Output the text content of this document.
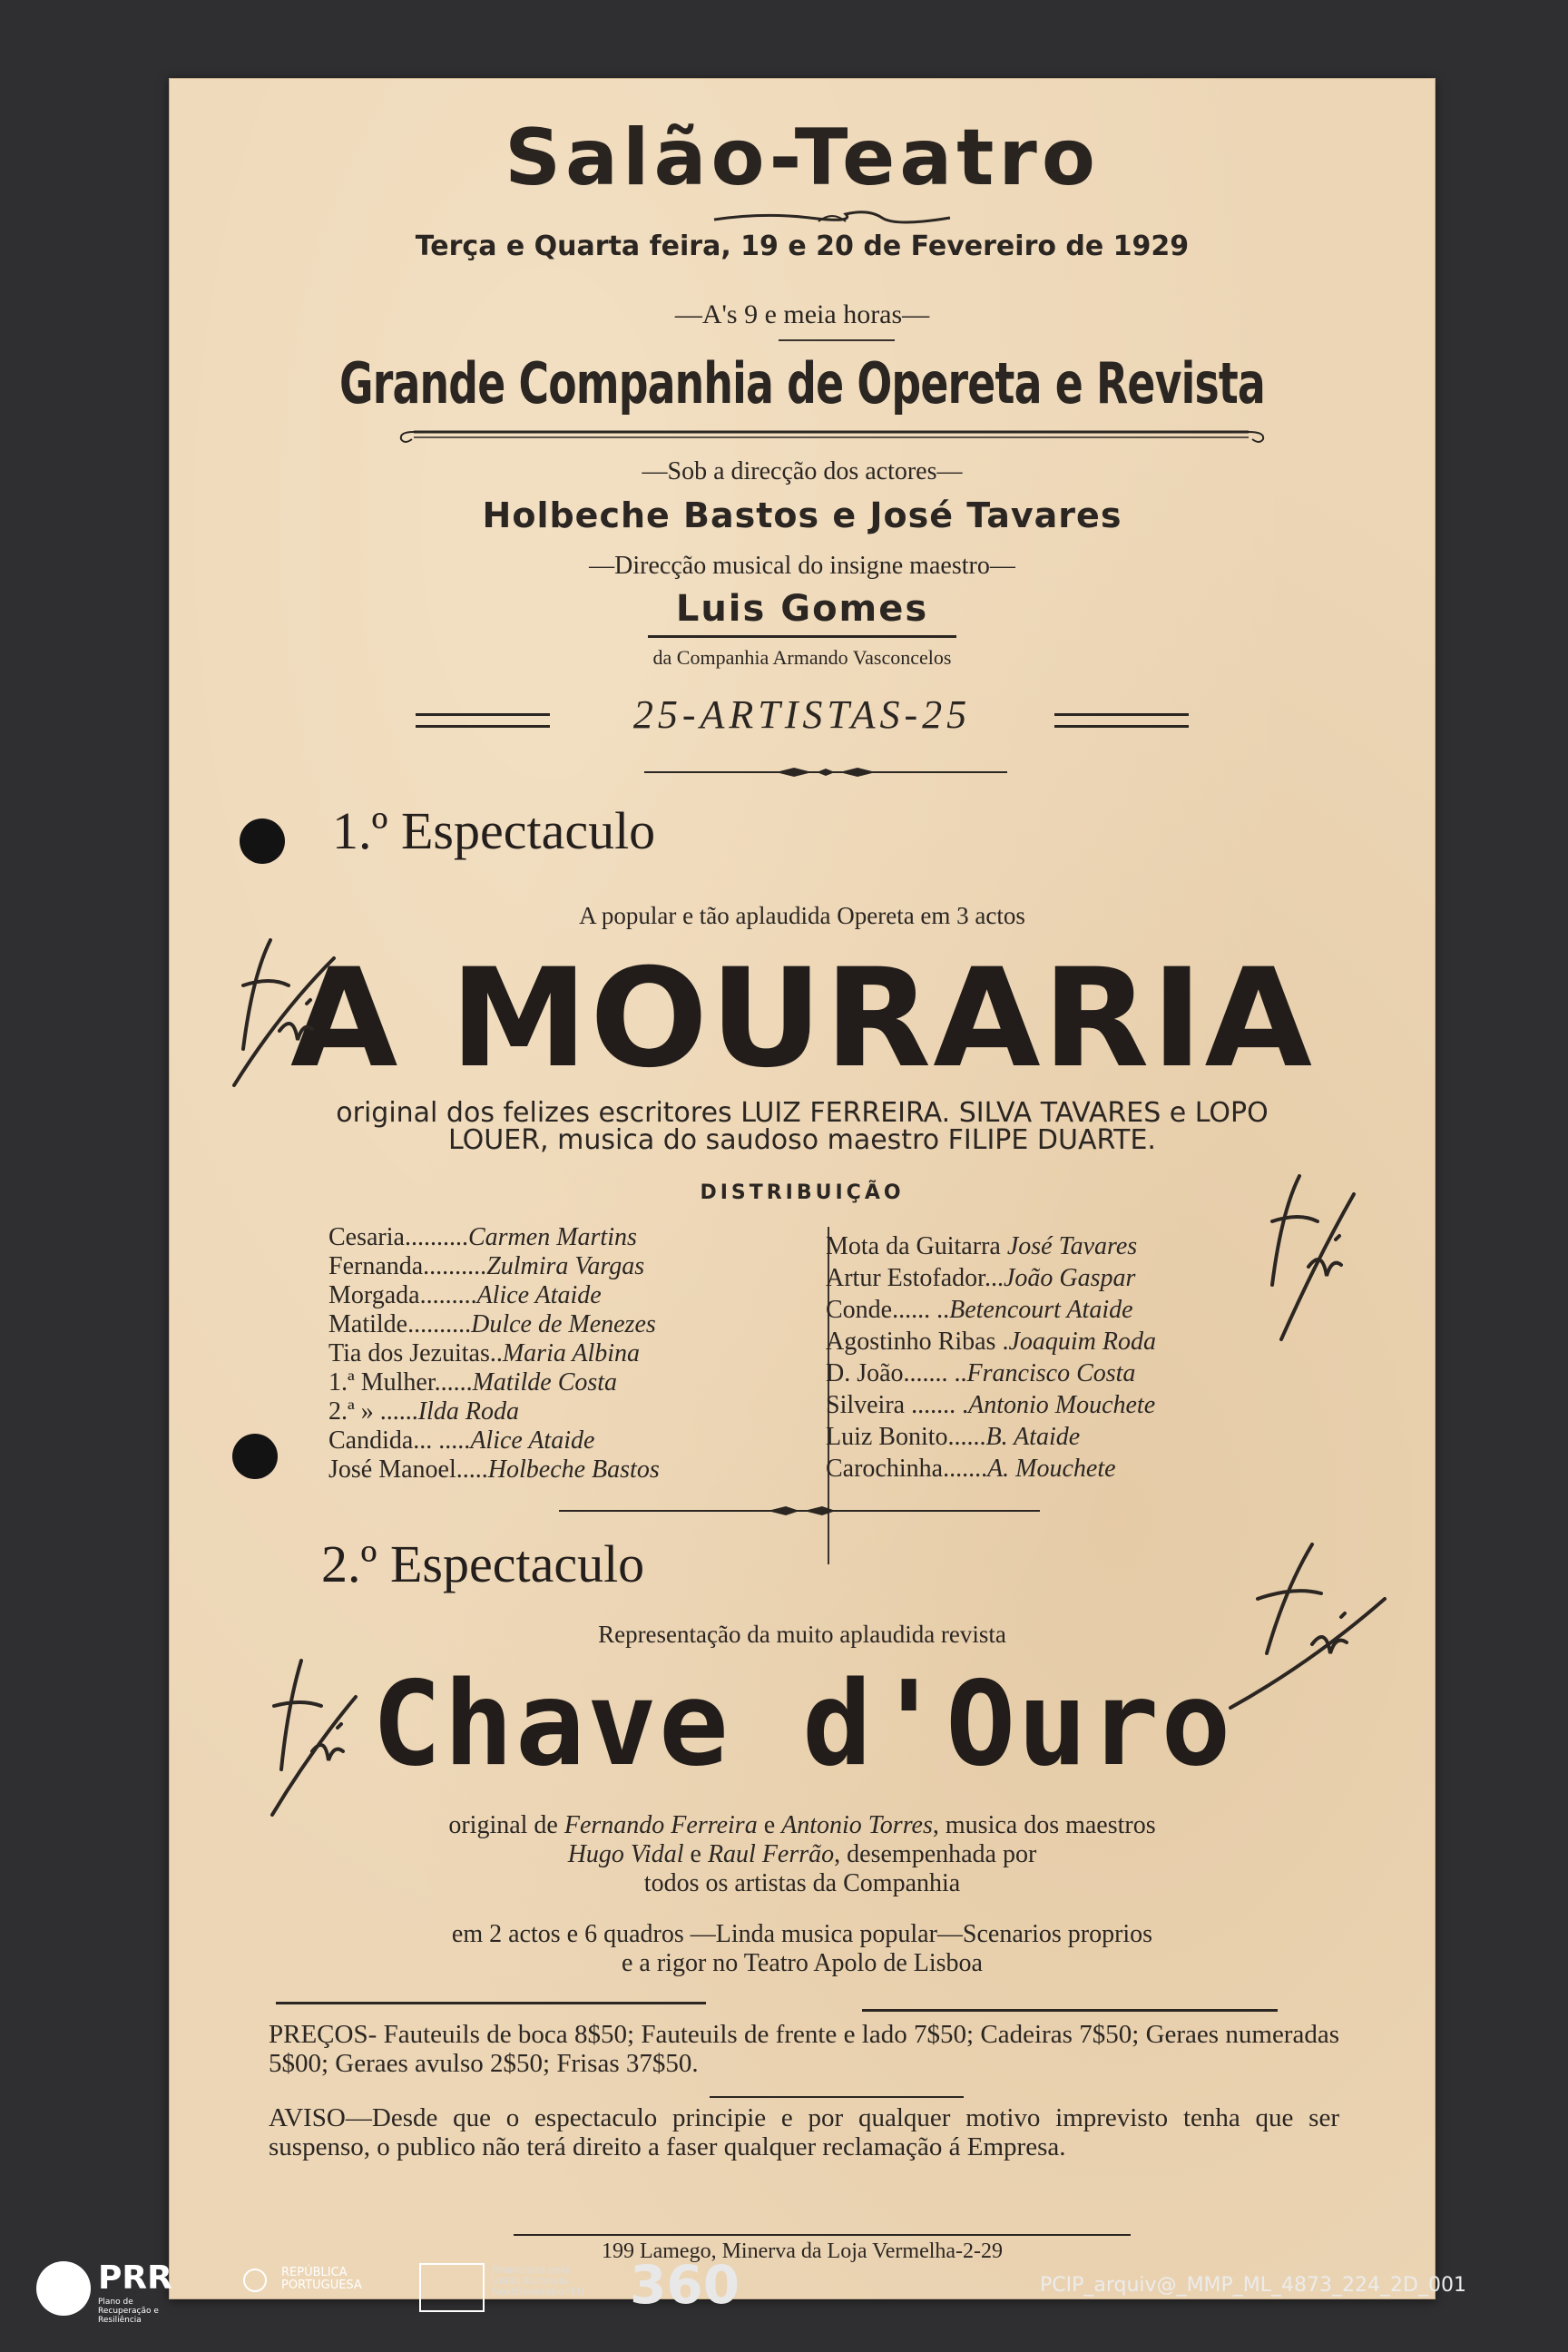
Salão-Teatro
Terça e Quarta feira, 19 e 20 de Fevereiro de 1929
—A's 9 e meia horas—
Grande Companhia de Opereta e Revista
—Sob a direcção dos actores—
Holbeche Bastos e José Tavares
—Direcção musical do insigne maestro—
Luis Gomes
da Companhia Armando Vasconcelos
25-ARTISTAS-25
1.º Espectaculo
A popular e tão aplaudida Opereta em 3 actos
A MOURARIA
original dos felizes escritores LUIZ FERREIRA. SILVA TAVARES e LOPO LOUER, musica do saudoso maestro FILIPE DUARTE.
DISTRIBUIÇÃO
Cesaria..........Carmen Martins
Fernanda..........Zulmira Vargas
Morgada.........Alice Ataide
Matilde..........Dulce de Menezes
Tia dos Jezuitas..Maria Albina
1.ª Mulher......Matilde Costa
2.ª » ......Ilda Roda
Candida... .....Alice Ataide
José Manoel.....Holbeche Bastos
Mota da Guitarra José Tavares
Artur Estofador...João Gaspar
Conde...... ..Betencourt Ataide
Agostinho Ribas .Joaquim Roda
D. João....... ..Francisco Costa
Silveira ....... .Antonio Mouchete
Luiz Bonito......B. Ataide
Carochinha.......A. Mouchete
2.º Espectaculo
Representação da muito aplaudida revista
Chave d'Ouro
original de Fernando Ferreira e Antonio Torres, musica dos maestros
Hugo Vidal e Raul Ferrão, desempenhada por
todos os artistas da Companhia
em 2 actos e 6 quadros —Linda musica popular—Scenarios proprios
e a rigor no Teatro Apolo de Lisboa
PREÇOS- Fauteuils de boca 8$50; Fauteuils de frente e lado 7$50; Cadeiras 7$50; Geraes numeradas 5$00; Geraes avulso 2$50; Frisas 37$50.
AVISO—Desde que o espectaculo principie e por qualquer motivo imprevisto tenha que ser suspenso, o publico não terá direito a faser qualquer reclamação á Empresa.
199 Lamego, Minerva da Loja Vermelha-2-29
PRR
Plano de Recuperação e Resiliência
REPÚBLICA
PORTUGUESA
Financiado pela
União Europeia
NextGenerationEU 360	PCIP_arquiv@_MMP_ML_4873_224_2D_001
